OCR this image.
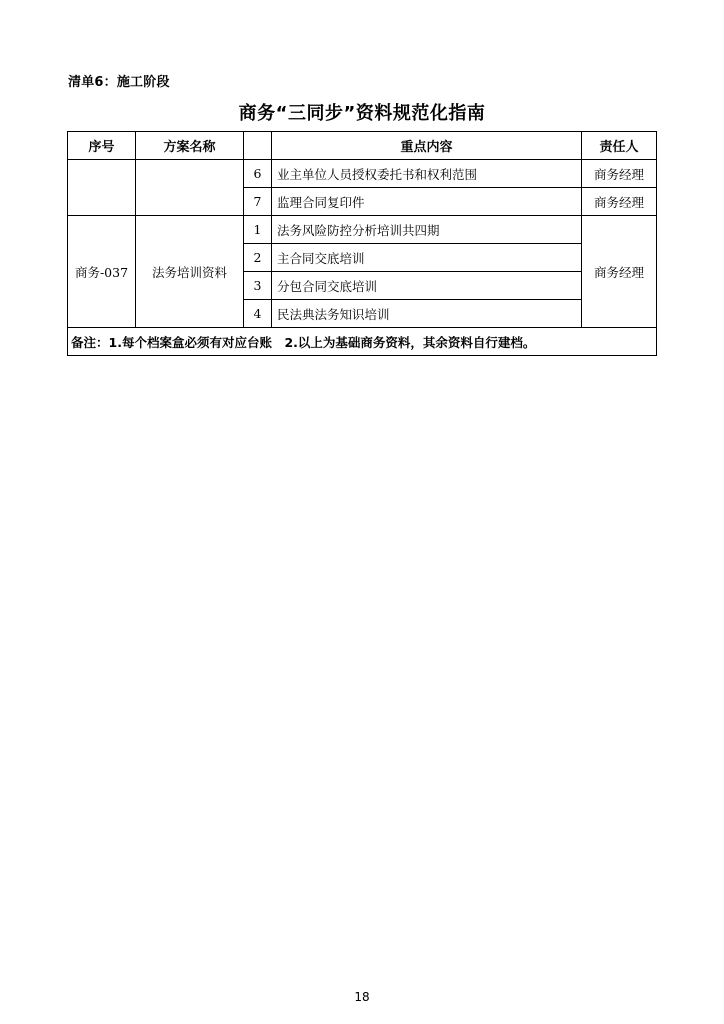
清单6：施工阶段
商务“三同步”资料规范化指南
序号	方案名称		重点内容	责任人
		6	业主单位人员授权委托书和权利范围	商务经理
		7	监理合同复印件	商务经理
商务-037	法务培训资料	1	法务风险防控分析培训共四期	商务经理
		2	主合同交底培训	
		3	分包合同交底培训	
		4	民法典法务知识培训	
备注：1.每个档案盒必须有对应台账　2.以上为基础商务资料，其余资料自行建档。				
18
